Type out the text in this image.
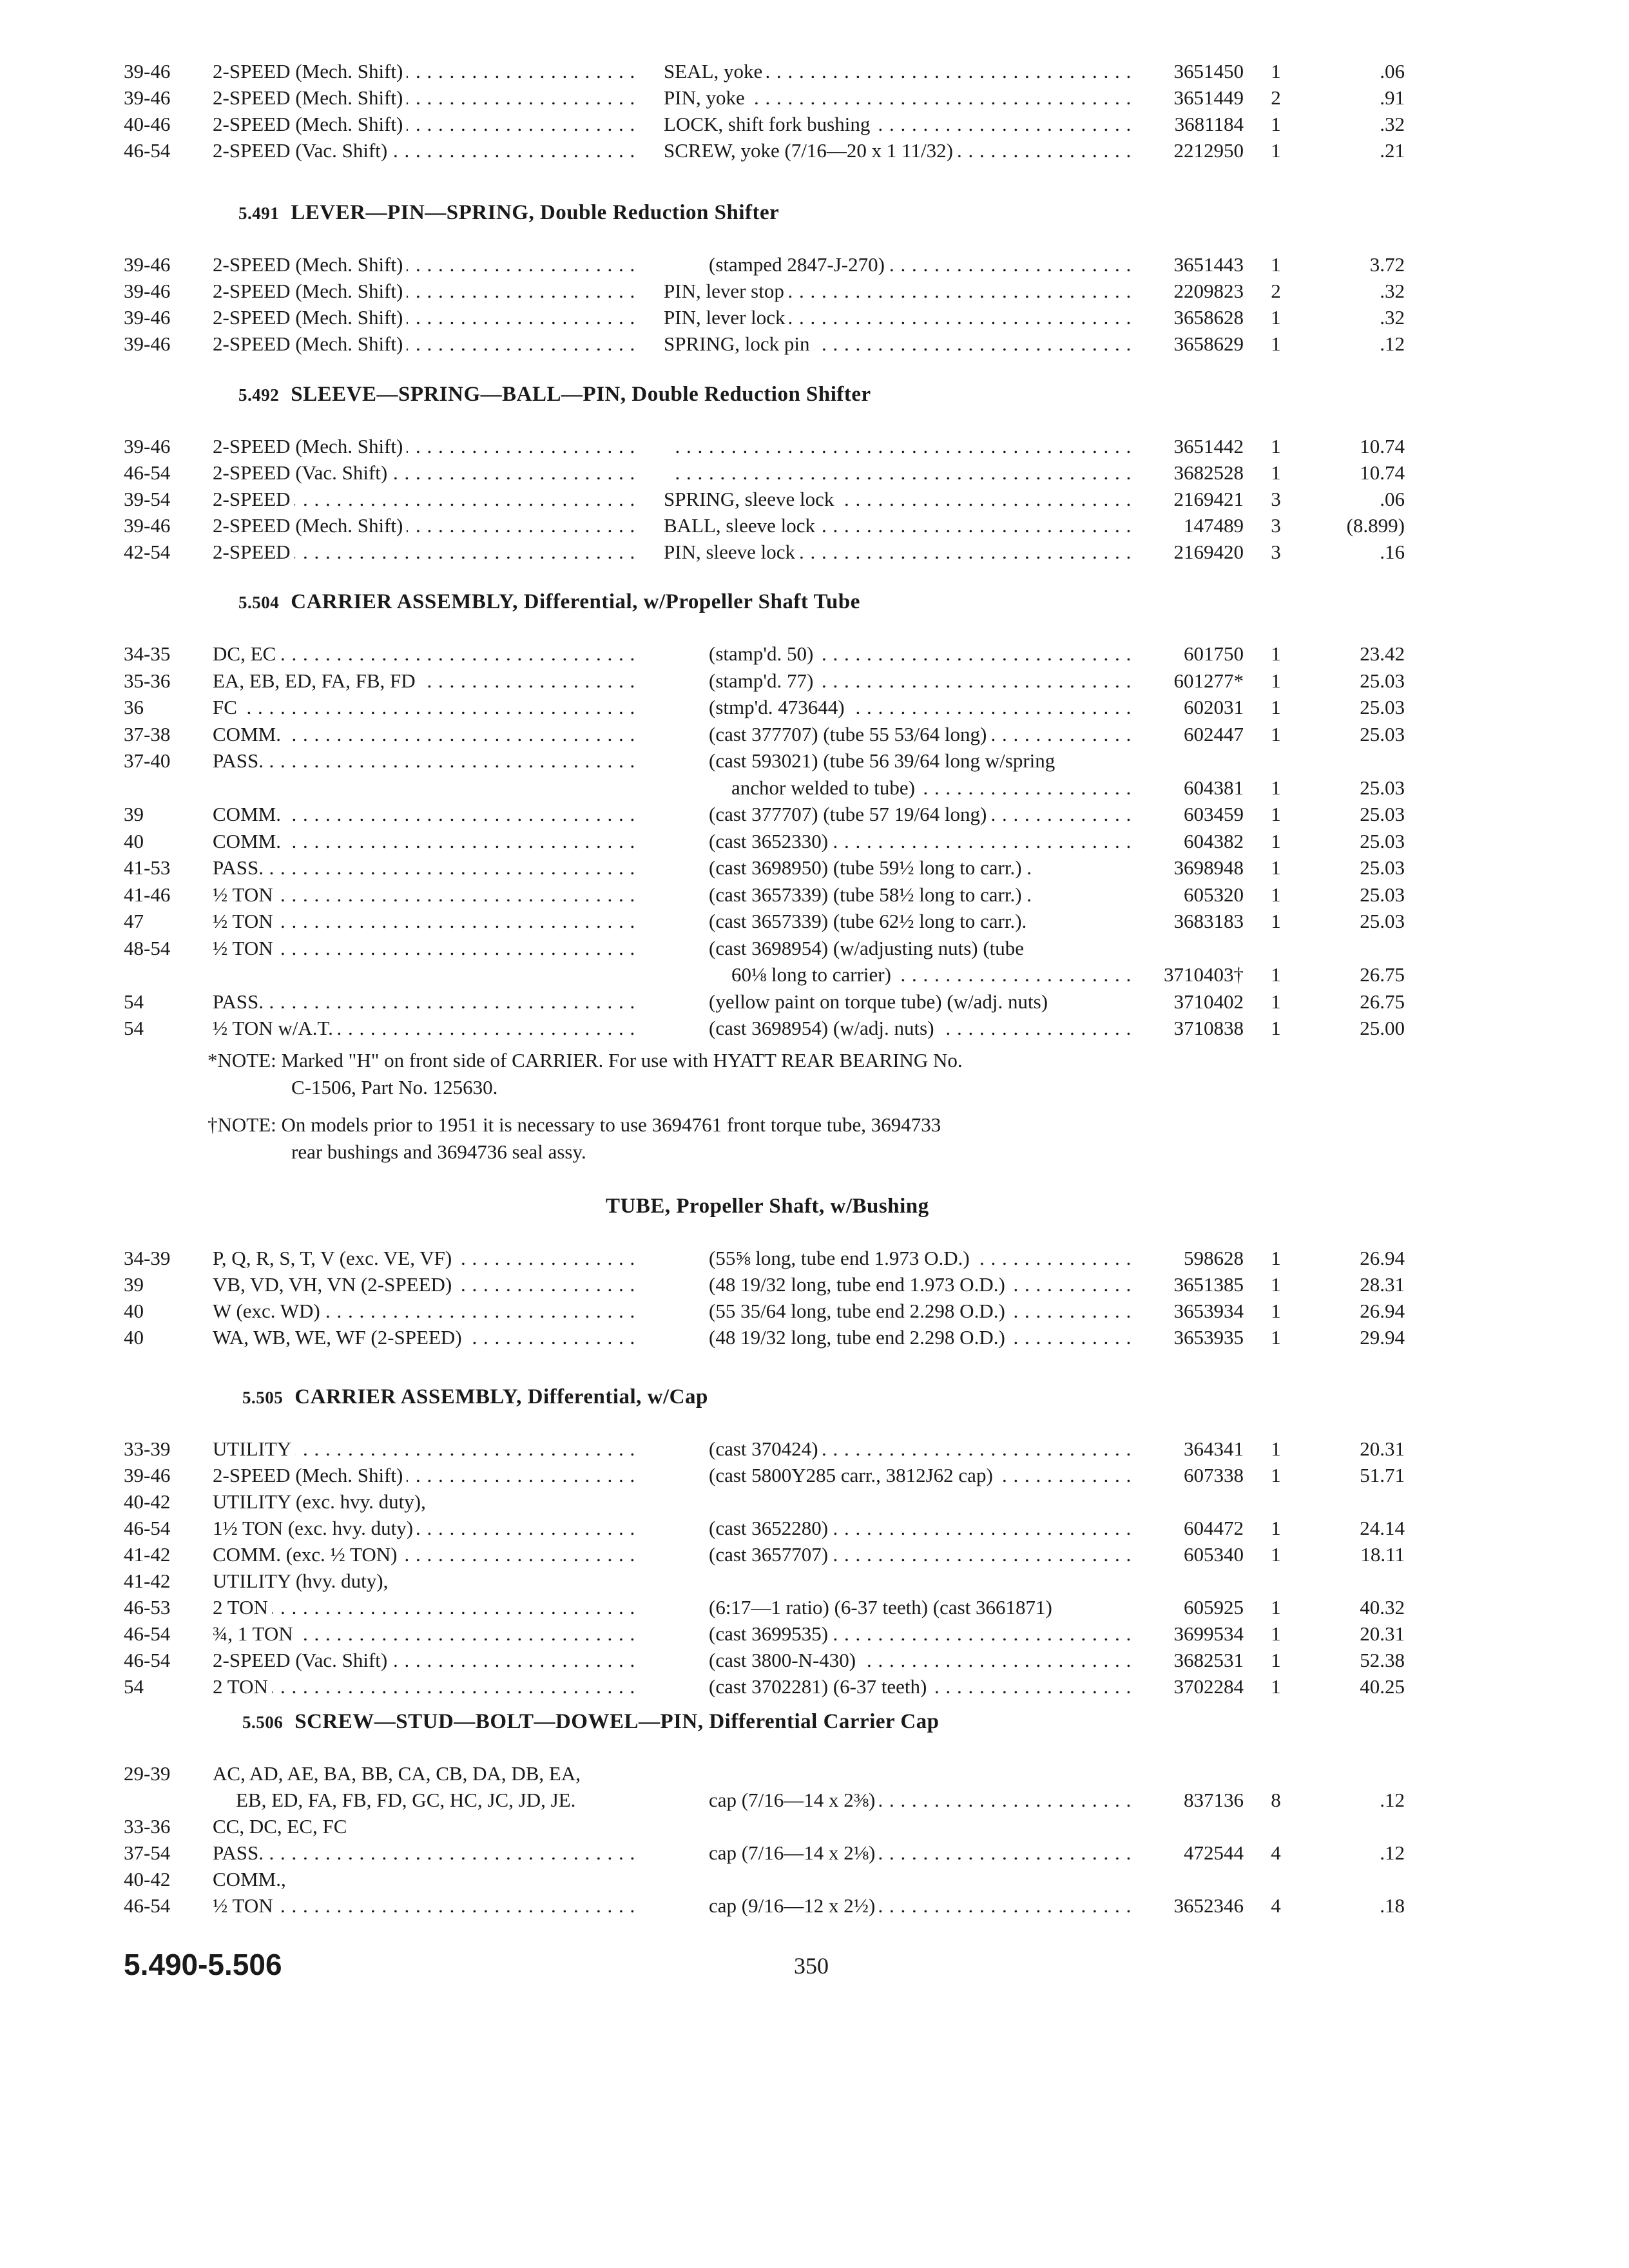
39-46 2-SPEED (Mech. Shift) . . .	SEAL, yoke . . .	3651450	1	.06
39-46 2-SPEED (Mech. Shift) . . .	PIN, yoke . . .	3651449	2	.91
40-46 2-SPEED (Mech. Shift) . . .	LOCK, shift fork bushing . . .	3681184	1	.32
46-54 2-SPEED (Vac. Shift) . . .	SCREW, yoke (7/16—20 x 1 11/32) . . .	2212950	1	.21
5.491 LEVER—PIN—SPRING, Double Reduction Shifter
39-46 2-SPEED (Mech. Shift) . . .	(stamped 2847-J-270) . . .	3651443	1	3.72
39-46 2-SPEED (Mech. Shift) . . .	PIN, lever stop . . .	2209823	2	.32
39-46 2-SPEED (Mech. Shift) . . .	PIN, lever lock . . .	3658628	1	.32
39-46 2-SPEED (Mech. Shift) . . .	SPRING, lock pin . . .	3658629	1	.12
5.492 SLEEVE—SPRING—BALL—PIN, Double Reduction Shifter
39-46 2-SPEED (Mech. Shift) . . . . . .	3651442	1	10.74
46-54 2-SPEED (Vac. Shift) . . . . . .	3682528	1	10.74
39-54 2-SPEED . . .	SPRING, sleeve lock . . .	2169421	3	.06
39-46 2-SPEED (Mech. Shift) . . .	BALL, sleeve lock . . .	147489	3	(8.899)
42-54 2-SPEED . . .	PIN, sleeve lock . . .	2169420	3	.16
5.504 CARRIER ASSEMBLY, Differential, w/Propeller Shaft Tube
34-35 DC, EC . . .	(stamp'd. 50) . . .	601750	1	23.42
35-36 EA, EB, ED, FA, FB, FD . . .	(stamp'd. 77) . . .	601277*	1	25.03
36	FC . . .	(stmp'd. 473644) . . .	602031	1	25.03
37-38 COMM. . . .	(cast 377707) (tube 55 53/64 long) . . .	602447	1	25.03
37-40 PASS. . . .	(cast 593021) (tube 56 39/64 long w/spring
anchor welded to tube) . . .	604381	1	25.03
39	COMM. . . .	(cast 377707) (tube 57 19/64 long) . . .	603459	1	25.03
40	COMM. . . .	(cast 3652330) . . .	604382	1	25.03
41-53 PASS. . . .	(cast 3698950) (tube 59½ long to carr.) .	3698948	1	25.03
41-46 ½ TON . . .	(cast 3657339) (tube 58½ long to carr.) .	605320	1	25.03
47	½ TON . . .	(cast 3657339) (tube 62½ long to carr.).	3683183	1	25.03
48-54 ½ TON . . .	(cast 3698954) (w/adjusting nuts) (tube
60⅛ long to carrier) . . .	3710403†	1	26.75
54	PASS. . . .	(yellow paint on torque tube) (w/adj. nuts)	3710402	1	26.75
54	½ TON w/A.T. . . .	(cast 3698954) (w/adj. nuts) . . .	3710838	1	25.00
*NOTE: Marked "H" on front side of CARRIER. For use with HYATT REAR BEARING No.
C-1506, Part No. 125630.
†NOTE: On models prior to 1951 it is necessary to use 3694761 front torque tube, 3694733
rear bushings and 3694736 seal assy.
TUBE, Propeller Shaft, w/Bushing
34-39 P, Q, R, S, T, V (exc. VE, VF) . . .	(55⅝ long, tube end 1.973 O.D.) . . .	598628	1	26.94
39	VB, VD, VH, VN (2-SPEED) . . .	(48 19/32 long, tube end 1.973 O.D.) . . .	3651385	1	28.31
40	W (exc. WD) . . .	(55 35/64 long, tube end 2.298 O.D.) . . .	3653934	1	26.94
40	WA, WB, WE, WF (2-SPEED) . . .	(48 19/32 long, tube end 2.298 O.D.) . . .	3653935	1	29.94
5.505 CARRIER ASSEMBLY, Differential, w/Cap
33-39 UTILITY . . .	(cast 370424) . . .	364341	1	20.31
39-46 2-SPEED (Mech. Shift) . . .	(cast 5800Y285 carr., 3812J62 cap) . . .	607338	1	51.71
40-42 UTILITY (exc. hvy. duty),
46-54 1½ TON (exc. hvy. duty) . . .	(cast 3652280) . . .	604472	1	24.14
41-42 COMM. (exc. ½ TON) . . .	(cast 3657707) . . .	605340	1	18.11
41-42 UTILITY (hvy. duty),
46-53 2 TON . . .	(6:17—1 ratio) (6-37 teeth) (cast 3661871)	605925	1	40.32
46-54 ¾, 1 TON . . .	(cast 3699535) . . .	3699534	1	20.31
46-54 2-SPEED (Vac. Shift) . . .	(cast 3800-N-430) . . .	3682531	1	52.38
54	2 TON . . .	(cast 3702281) (6-37 teeth) . . .	3702284	1	40.25
5.506 SCREW—STUD—BOLT—DOWEL—PIN, Differential Carrier Cap
29-39 AC, AD, AE, BA, BB, CA, CB, DA, DB, EA,
EB, ED, FA, FB, FD, GC, HC, JC, JD, JE.	cap (7/16—14 x 2⅜) . . .	837136	8	.12
33-36 CC, DC, EC, FC
37-54 PASS. . . .	cap (7/16—14 x 2⅛) . . .	472544	4	.12
40-42 COMM.,
46-54 ½ TON . . .	cap (9/16—12 x 2½) . . .	3652346	4	.18
5.490-5.506	350
